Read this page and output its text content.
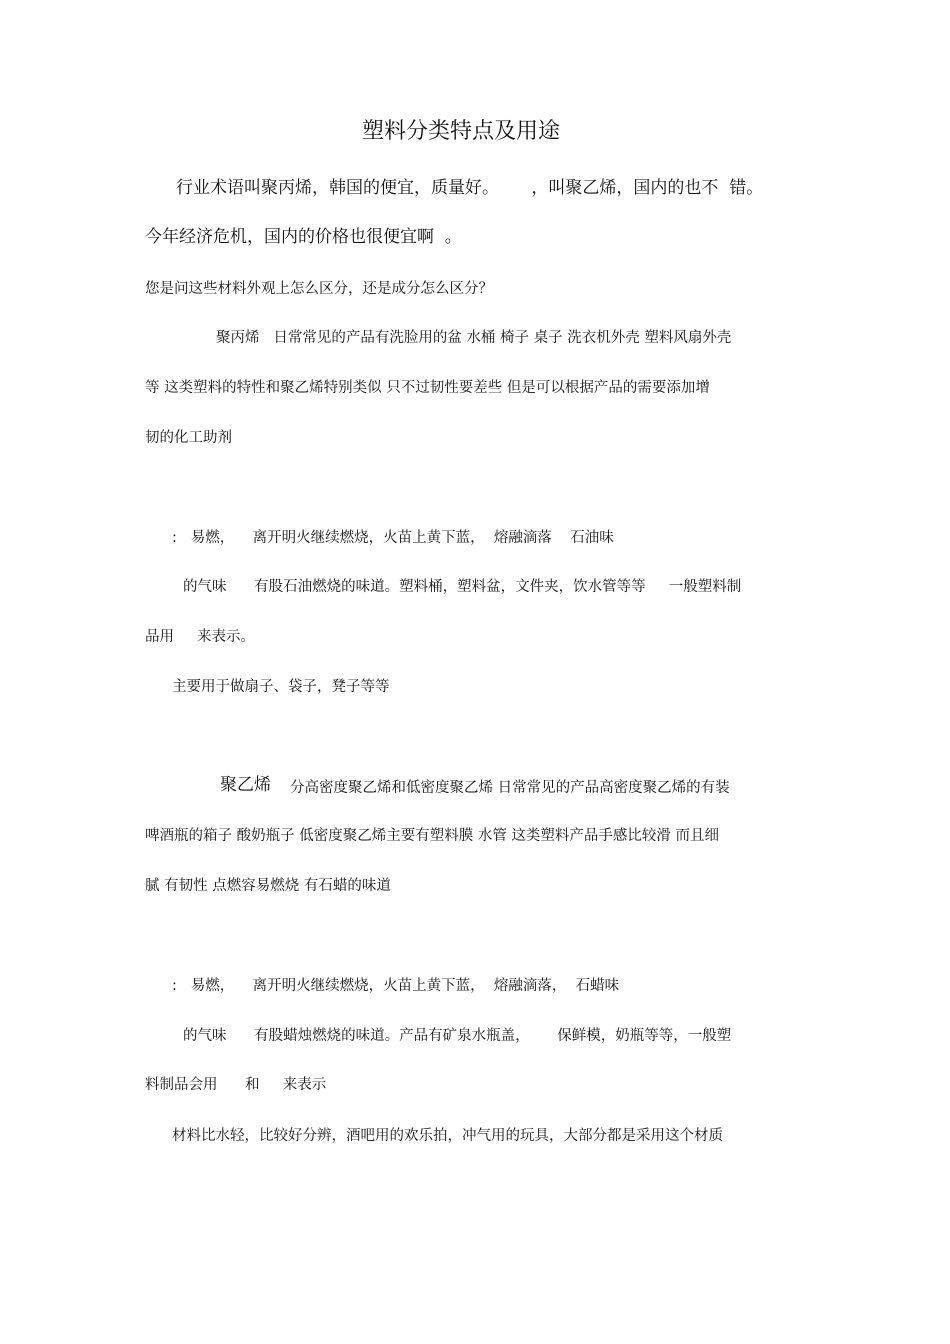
塑料分类特点及用途
行业术语叫聚丙烯，韩国的便宜，质量好。      ，叫聚乙烯，国内的也不  错。
今年经济危机，国内的价格也很便宜啊  。
您是问这些材料外观上怎么区分，还是成分怎么区分？
聚丙烯   日常常见的产品有洗脸用的盆 水桶 椅子 桌子 洗衣机外壳 塑料风扇外壳
等 这类塑料的特性和聚乙烯特别类似 只不过韧性要差些 但是可以根据产品的需要添加增
韧的化工助剂
:   易燃，    离开明火继续燃烧，火苗上黄下蓝，  熔融滴落    石油味
的气味      有股石油燃烧的味道。塑料桶，塑料盆，文件夹，饮水管等等     一般塑料制
品用     来表示。
主要用于做扇子、袋子，凳子等等
聚乙烯 分高密度聚乙烯和低密度聚乙烯 日常常见的产品高密度聚乙烯的有装
啤酒瓶的箱子 酸奶瓶子 低密度聚乙烯主要有塑料膜 水管 这类塑料产品手感比较滑 而且细
腻 有韧性 点燃容易燃烧 有石蜡的味道
:   易燃，    离开明火继续燃烧，火苗上黄下蓝，  熔融滴落，  石蜡味
的气味      有股蜡烛燃烧的味道。产品有矿泉水瓶盖，      保鲜模，奶瓶等等，一般塑
料制品会用      和     来表示
材料比水轻，比较好分辨，酒吧用的欢乐拍，冲气用的玩具，大部分都是采用这个材质
